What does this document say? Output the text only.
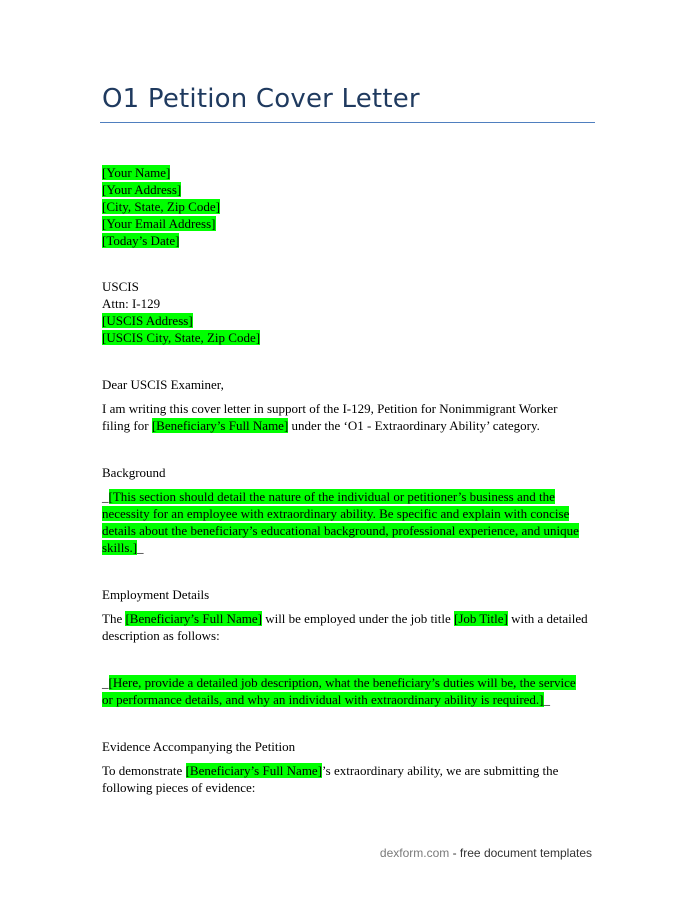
O1 Petition Cover Letter
[Your Name]
[Your Address]
[City, State, Zip Code]
[Your Email Address]
[Today’s Date]
USCIS
Attn: I-129
[USCIS Address]
[USCIS City, State, Zip Code]
Dear USCIS Examiner,
I am writing this cover letter in support of the I-129, Petition for Nonimmigrant Worker
filing for [Beneficiary’s Full Name] under the ‘O1 - Extraordinary Ability’ category.
Background
_[This section should detail the nature of the individual or petitioner’s business and the
necessity for an employee with extraordinary ability. Be specific and explain with concise
details about the beneficiary’s educational background, professional experience, and unique
skills.]_
Employment Details
The [Beneficiary’s Full Name] will be employed under the job title [Job Title] with a detailed
description as follows:
_[Here, provide a detailed job description, what the beneficiary’s duties will be, the service
or performance details, and why an individual with extraordinary ability is required.]_
Evidence Accompanying the Petition
To demonstrate [Beneficiary’s Full Name]’s extraordinary ability, we are submitting the
following pieces of evidence:
dexform.com - free document templates
